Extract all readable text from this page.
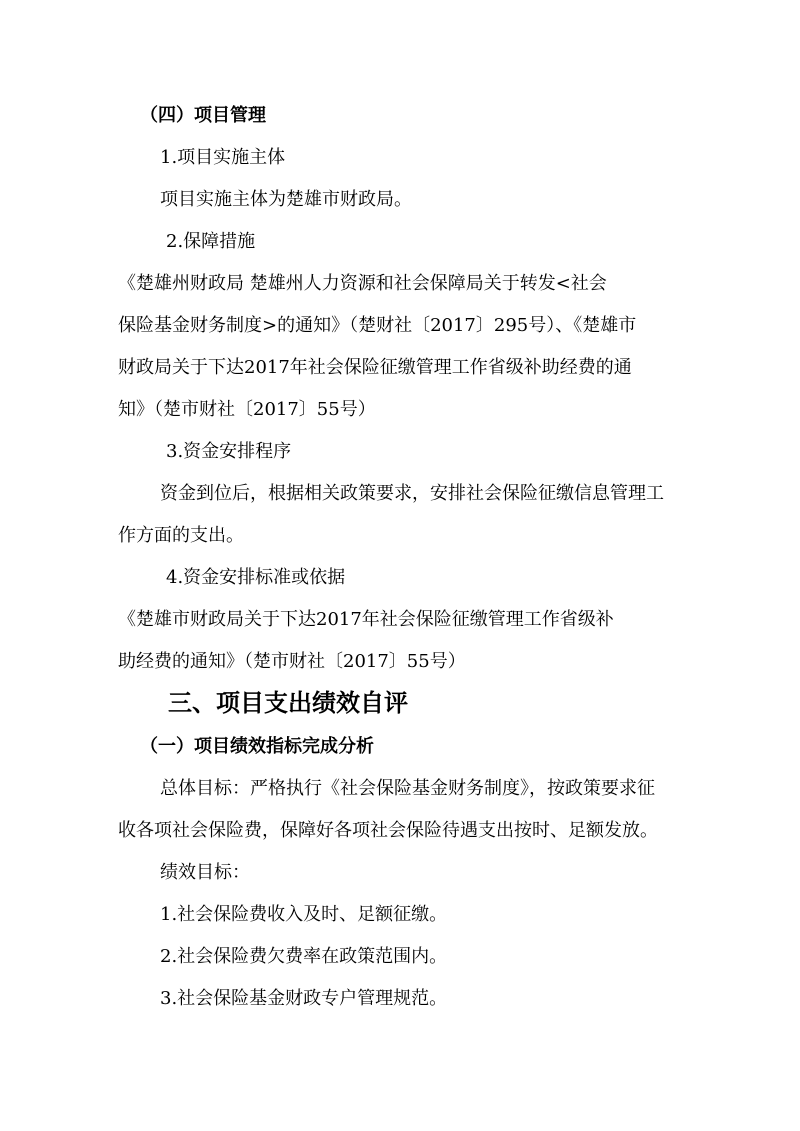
（四）项目管理
1.项目实施主体
项目实施主体为楚雄市财政局。
2.保障措施
《楚雄州财政局 楚雄州人力资源和社会保障局关于转发<社会
保险基金财务制度>的通知》（楚财社〔2017〕295号）、《楚雄市
财政局关于下达2017年社会保险征缴管理工作省级补助经费的通
知》（楚市财社〔2017〕55号）
3.资金安排程序
资金到位后，根据相关政策要求，安排社会保险征缴信息管理工
作方面的支出。
4.资金安排标准或依据
《楚雄市财政局关于下达2017年社会保险征缴管理工作省级补
助经费的通知》（楚市财社〔2017〕55号）
三、项目支出绩效自评
（一）项目绩效指标完成分析
总体目标：严格执行《社会保险基金财务制度》，按政策要求征
收各项社会保险费，保障好各项社会保险待遇支出按时、足额发放。
绩效目标：
1.社会保险费收入及时、足额征缴。
2.社会保险费欠费率在政策范围内。
3.社会保险基金财政专户管理规范。
